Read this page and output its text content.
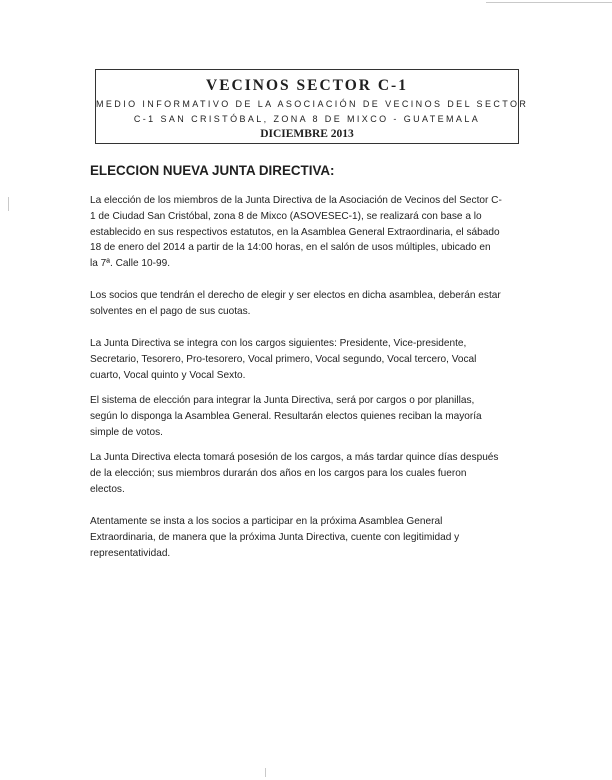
VECINOS SECTOR C-1
MEDIO INFORMATIVO DE LA ASOCIACIÓN DE VECINOS DEL SECTOR
C-1 SAN CRISTÓBAL, ZONA 8 DE MIXCO - GUATEMALA
DICIEMBRE 2013
ELECCION NUEVA JUNTA DIRECTIVA:
La elección de los miembros de la Junta Directiva de la Asociación de Vecinos del Sector C-
1 de Ciudad San Cristóbal, zona 8 de Mixco (ASOVESEC-1), se realizará con base a lo
establecido en sus respectivos estatutos, en la Asamblea General Extraordinaria, el sábado
18 de enero del 2014 a partir de la 14:00 horas, en el salón de usos múltiples, ubicado en
la 7ª. Calle 10-99.
Los socios que tendrán el derecho de elegir y ser electos en dicha asamblea, deberán estar
solventes en el pago de sus cuotas.
La Junta Directiva se integra con los cargos siguientes: Presidente, Vice-presidente,
Secretario, Tesorero, Pro-tesorero, Vocal primero, Vocal segundo, Vocal tercero, Vocal
cuarto, Vocal quinto y Vocal Sexto.
El sistema de elección para integrar la Junta Directiva, será por cargos o por planillas,
según lo disponga la Asamblea General. Resultarán electos quienes reciban la mayoría
simple de votos.
La Junta Directiva electa tomará posesión de los cargos, a más tardar quince días después
de la elección; sus miembros durarán dos años en los cargos para los cuales fueron
electos.
Atentamente se insta a los socios a participar en la próxima Asamblea General
Extraordinaria, de manera que la próxima Junta Directiva, cuente con legitimidad y
representatividad.
